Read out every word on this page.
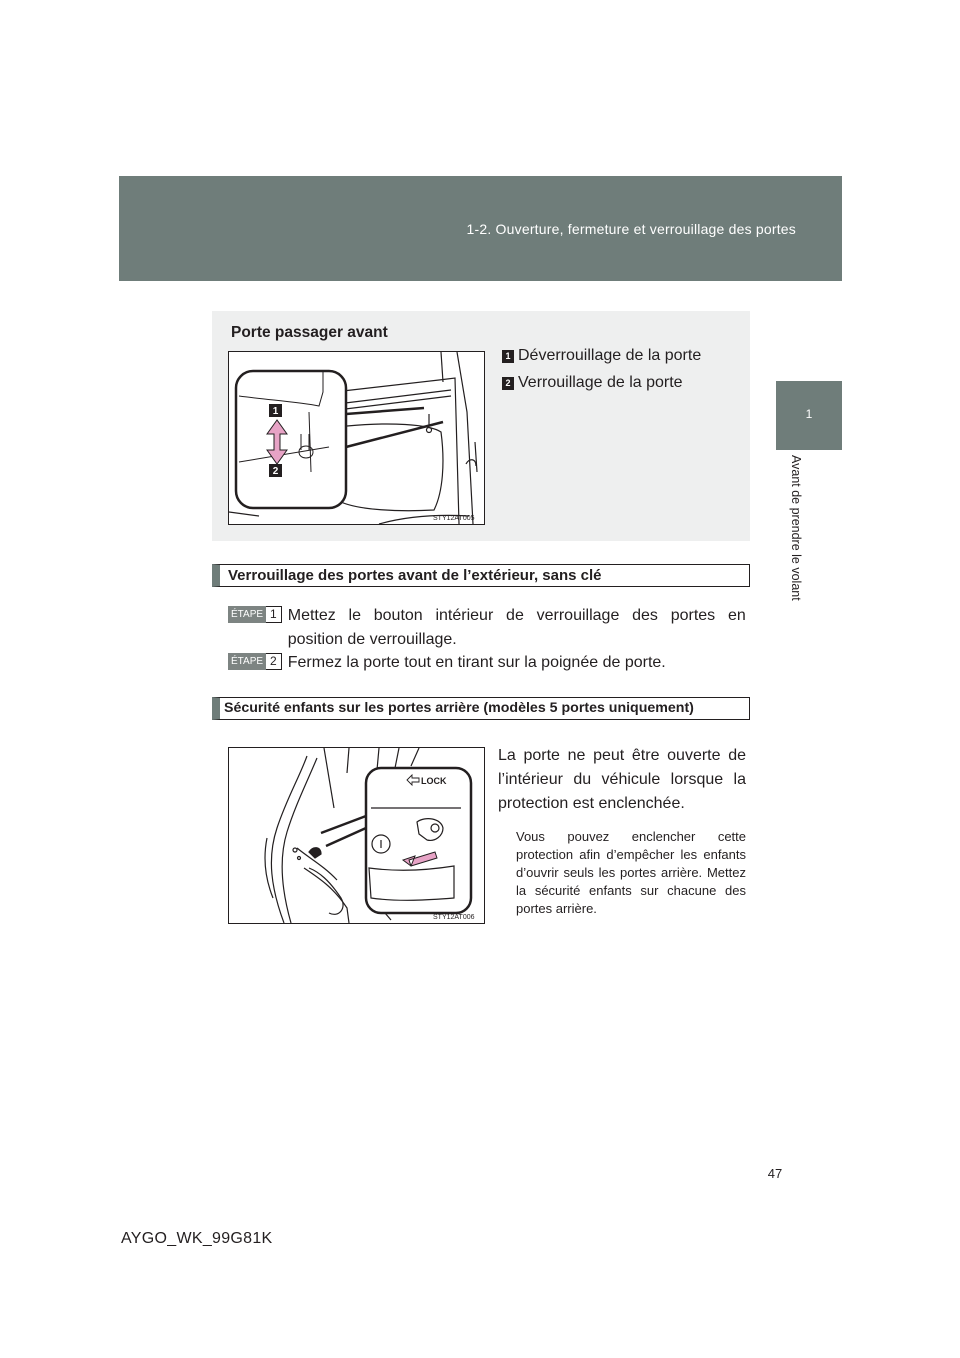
1-2. Ouverture, fermeture et verrouillage des portes
1
Avant de prendre le volant
Porte passager avant
1 Déverrouillage de la porte
2 Verrouillage de la porte
1
2
STY12AT005
Verrouillage des portes avant de l’extérieur, sans clé
ÉTAPE 1 Mettez le bouton intérieur de verrouillage des portes en
position de verrouillage.
ÉTAPE 2 Fermez la porte tout en tirant sur la poignée de porte.
Sécurité enfants sur les portes arrière (modèles 5 portes uniquement)
LOCK
STY12AT006
La porte ne peut être ouverte de l’intérieur du véhicule lorsque la protection est enclenchée.
Vous pouvez enclencher cette protection afin d’empêcher les enfants d’ouvrir seuls les portes arrière. Mettez la sécurité enfants sur chacune des portes arrière.
47
AYGO_WK_99G81K
